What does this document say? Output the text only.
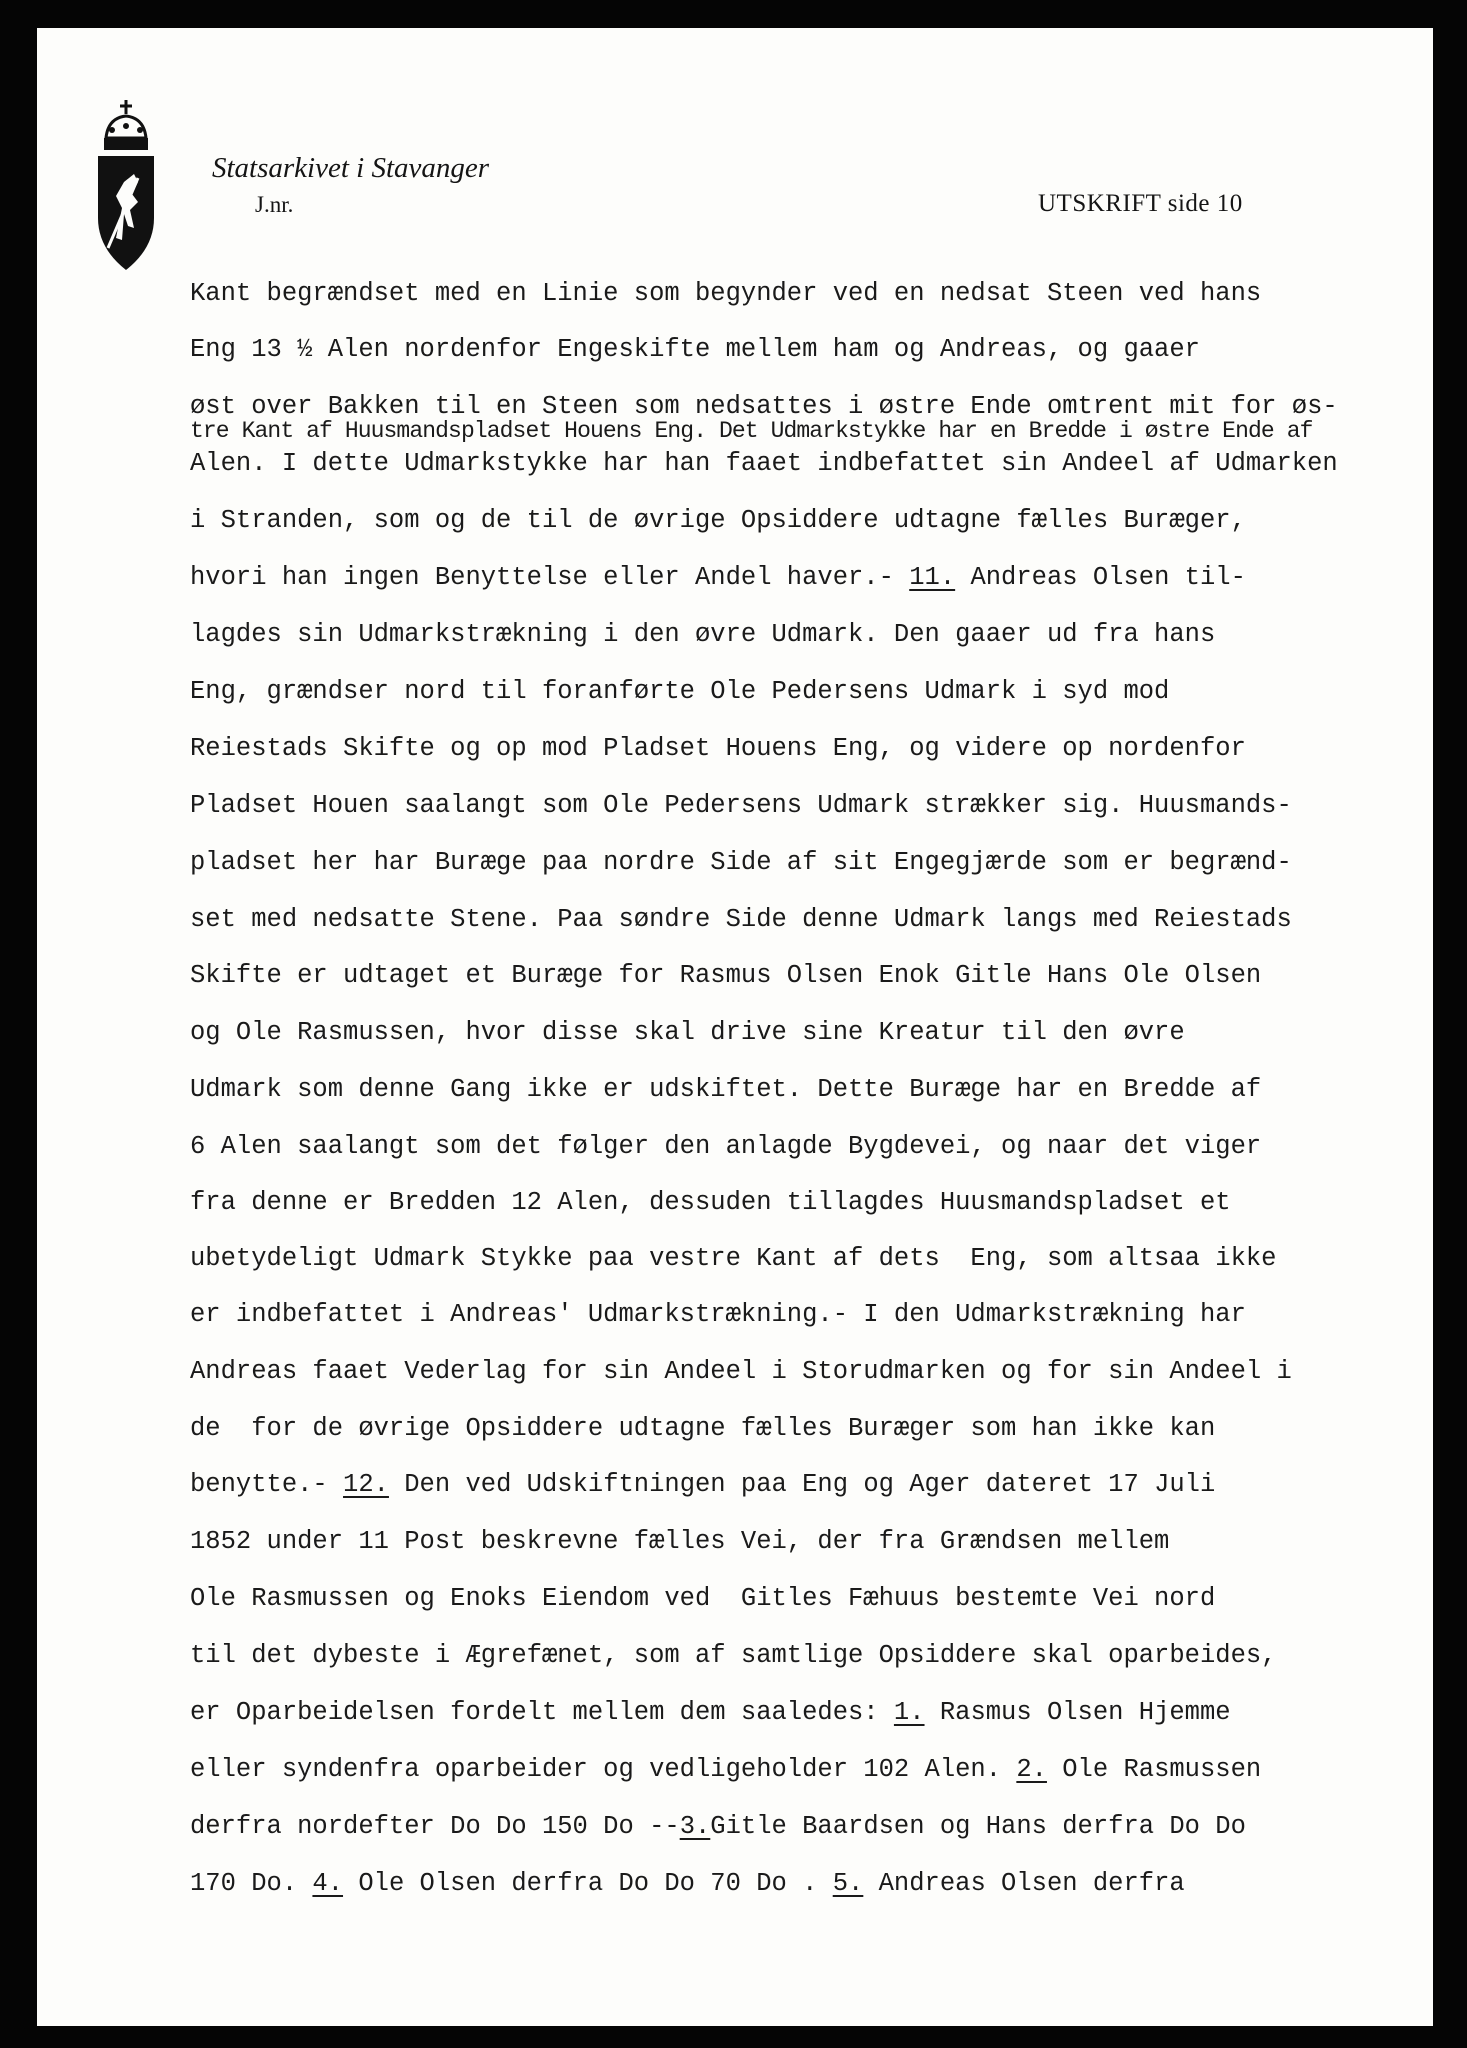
Statsarkivet i Stavanger
J.nr.	UTSKRIFT side 10
Kant begrændset med en Linie som begynder ved en nedsat Steen ved hans
Eng 13 ½ Alen nordenfor Engeskifte mellem ham og Andreas, og gaaer
øst over Bakken til en Steen som nedsattes i østre Ende omtrent mit for øs-
tre Kant af Huusmandspladset Houens Eng. Det Udmarkstykke har en Bredde i østre Ende af
Alen. I dette Udmarkstykke har han faaet indbefattet sin Andeel af Udmarken
i Stranden, som og de til de øvrige Opsiddere udtagne fælles Buræger,
hvori han ingen Benyttelse eller Andel haver.- 11. Andreas Olsen til-
lagdes sin Udmarkstrækning i den øvre Udmark. Den gaaer ud fra hans
Eng, grændser nord til foranførte Ole Pedersens Udmark i syd mod
Reiestads Skifte og op mod Pladset Houens Eng, og videre op nordenfor
Pladset Houen saalangt som Ole Pedersens Udmark strækker sig. Huusmands-
pladset her har Buræge paa nordre Side af sit Engegjærde som er begrænd-
set med nedsatte Stene. Paa søndre Side denne Udmark langs med Reiestads
Skifte er udtaget et Buræge for Rasmus Olsen Enok Gitle Hans Ole Olsen
og Ole Rasmussen, hvor disse skal drive sine Kreatur til den øvre
Udmark som denne Gang ikke er udskiftet. Dette Buræge har en Bredde af
6 Alen saalangt som det følger den anlagde Bygdevei, og naar det viger
fra denne er Bredden 12 Alen, dessuden tillagdes Huusmandspladset et
ubetydeligt Udmark Stykke paa vestre Kant af dets  Eng, som altsaa ikke
er indbefattet i Andreas' Udmarkstrækning.- I den Udmarkstrækning har
Andreas faaet Vederlag for sin Andeel i Storudmarken og for sin Andeel i
de  for de øvrige Opsiddere udtagne fælles Buræger som han ikke kan
benytte.- 12. Den ved Udskiftningen paa Eng og Ager dateret 17 Juli
1852 under 11 Post beskrevne fælles Vei, der fra Grændsen mellem
Ole Rasmussen og Enoks Eiendom ved  Gitles Fæhuus bestemte Vei nord
til det dybeste i Ægrefænet, som af samtlige Opsiddere skal oparbeides,
er Oparbeidelsen fordelt mellem dem saaledes: 1. Rasmus Olsen Hjemme
eller syndenfra oparbeider og vedligeholder 102 Alen. 2. Ole Rasmussen
derfra nordefter Do Do 150 Do --3.Gitle Baardsen og Hans derfra Do Do
170 Do. 4. Ole Olsen derfra Do Do 70 Do . 5. Andreas Olsen derfra
